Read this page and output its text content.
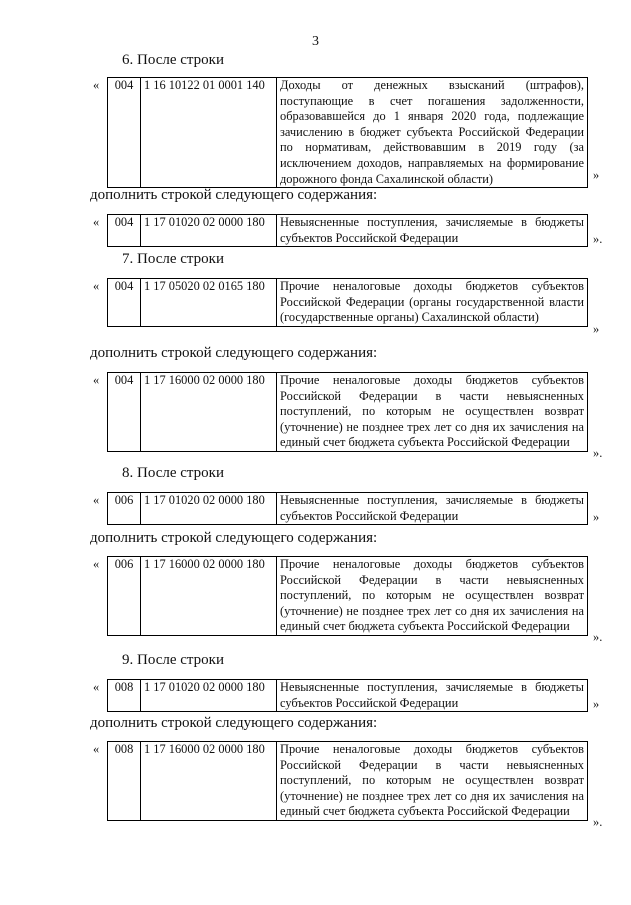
3
6. После строки
« 004	1 16 10122 01 0001 140	Доходы от денежных взысканий (штрафов), поступающие в счет погашения задолженности, образовавшейся до 1 января 2020 года, подлежащие зачислению в бюджет субъекта Российской Федерации по нормативам, действовавшим в 2019 году (за исключением доходов, направляемых на формирование дорожного фонда Сахалинской области)	»
дополнить строкой следующего содержания:
« 004	1 17 01020 02 0000 180	Невыясненные поступления, зачисляемые в бюджеты субъектов Российской Федерации	».
7. После строки
« 004	1 17 05020 02 0165 180	Прочие неналоговые доходы бюджетов субъектов Российской Федерации (органы государственной власти (государственные органы) Сахалинской области)
»
дополнить строкой следующего содержания:
« 004	1 17 16000 02 0000 180	Прочие неналоговые доходы бюджетов субъектов Российской Федерации в части невыясненных поступлений, по которым не осуществлен возврат (уточнение) не позднее трех лет со дня их зачисления на единый счет бюджета субъекта Российской Федерации
».
8. После строки
« 006	1 17 01020 02 0000 180	Невыясненные поступления, зачисляемые в бюджеты субъектов Российской Федерации	»
дополнить строкой следующего содержания:
« 006	1 17 16000 02 0000 180	Прочие неналоговые доходы бюджетов субъектов Российской Федерации в части невыясненных поступлений, по которым не осуществлен возврат (уточнение) не позднее трех лет со дня их зачисления на единый счет бюджета субъекта Российской Федерации
».
9. После строки
« 008	1 17 01020 02 0000 180	Невыясненные поступления, зачисляемые в бюджеты субъектов Российской Федерации	»
дополнить строкой следующего содержания:
« 008	1 17 16000 02 0000 180	Прочие неналоговые доходы бюджетов субъектов Российской Федерации в части невыясненных поступлений, по которым не осуществлен возврат (уточнение) не позднее трех лет со дня их зачисления на единый счет бюджета субъекта Российской Федерации
».
